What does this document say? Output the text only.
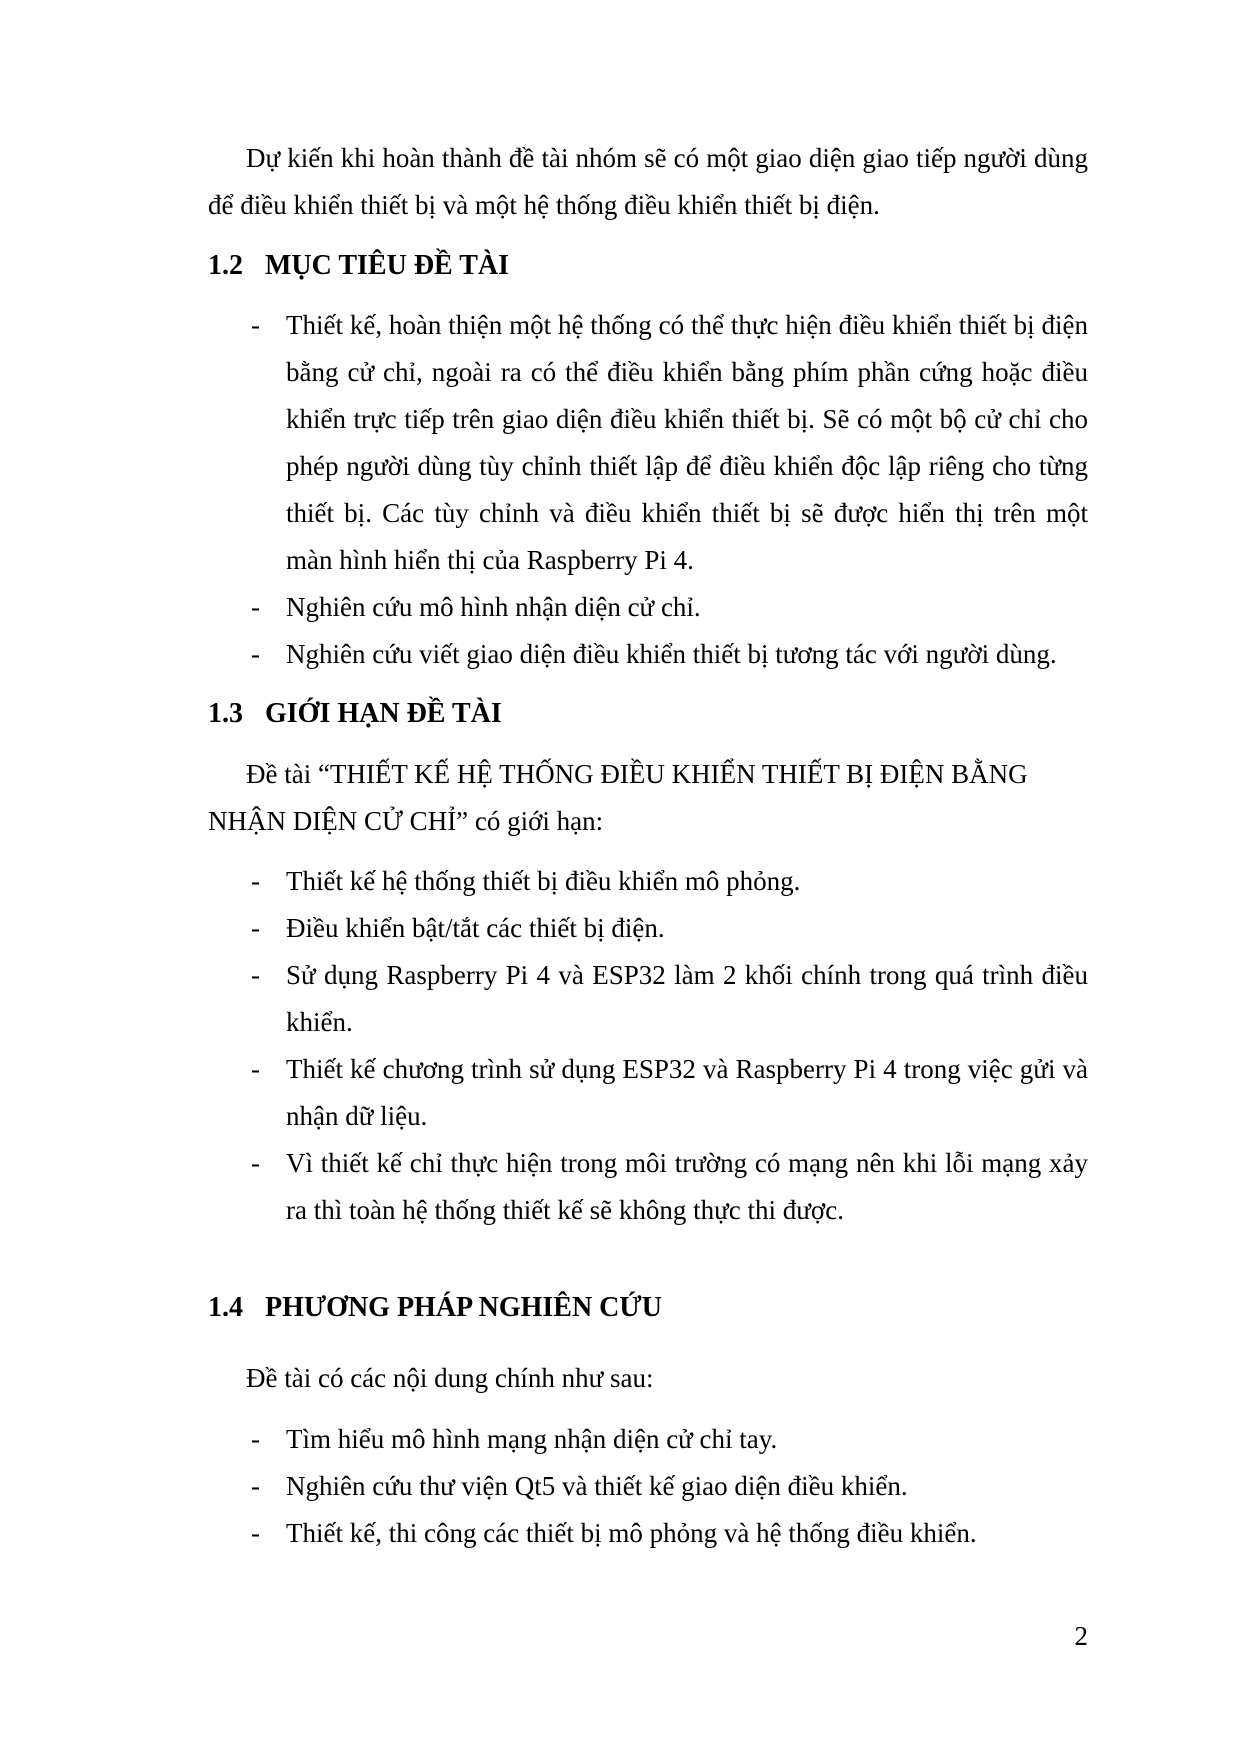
Dự kiến khi hoàn thành đề tài nhóm sẽ có một giao diện giao tiếp người dùng để điều khiển thiết bị và một hệ thống điều khiển thiết bị điện.

1.2 MỤC TIÊU ĐỀ TÀI
- Thiết kế, hoàn thiện một hệ thống có thể thực hiện điều khiển thiết bị điện bằng cử chỉ, ngoài ra có thể điều khiển bằng phím phần cứng hoặc điều khiển trực tiếp trên giao diện điều khiển thiết bị. Sẽ có một bộ cử chỉ cho phép người dùng tùy chỉnh thiết lập để điều khiển độc lập riêng cho từng thiết bị. Các tùy chỉnh và điều khiển thiết bị sẽ được hiển thị trên một màn hình hiển thị của Raspberry Pi 4.
- Nghiên cứu mô hình nhận diện cử chỉ.
- Nghiên cứu viết giao diện điều khiển thiết bị tương tác với người dùng.
1.3 GIỚI HẠN ĐỀ TÀI

Đề tài “THIẾT KẾ HỆ THỐNG ĐIỀU KHIỂN THIẾT BỊ ĐIỆN BẰNG NHẬN DIỆN CỬ CHỈ” có giới hạn:

- Thiết kế hệ thống thiết bị điều khiển mô phỏng.
- Điều khiển bật/tắt các thiết bị điện.
- Sử dụng Raspberry Pi 4 và ESP32 làm 2 khối chính trong quá trình điều khiển.
- Thiết kế chương trình sử dụng ESP32 và Raspberry Pi 4 trong việc gửi và nhận dữ liệu.
- Vì thiết kế chỉ thực hiện trong môi trường có mạng nên khi lỗi mạng xảy ra thì toàn hệ thống thiết kế sẽ không thực thi được.
1.4 PHƯƠNG PHÁP NGHIÊN CỨU

Đề tài có các nội dung chính như sau:

- Tìm hiểu mô hình mạng nhận diện cử chỉ tay.
- Nghiên cứu thư viện Qt5 và thiết kế giao diện điều khiển.
- Thiết kế, thi công các thiết bị mô phỏng và hệ thống điều khiển.
2
